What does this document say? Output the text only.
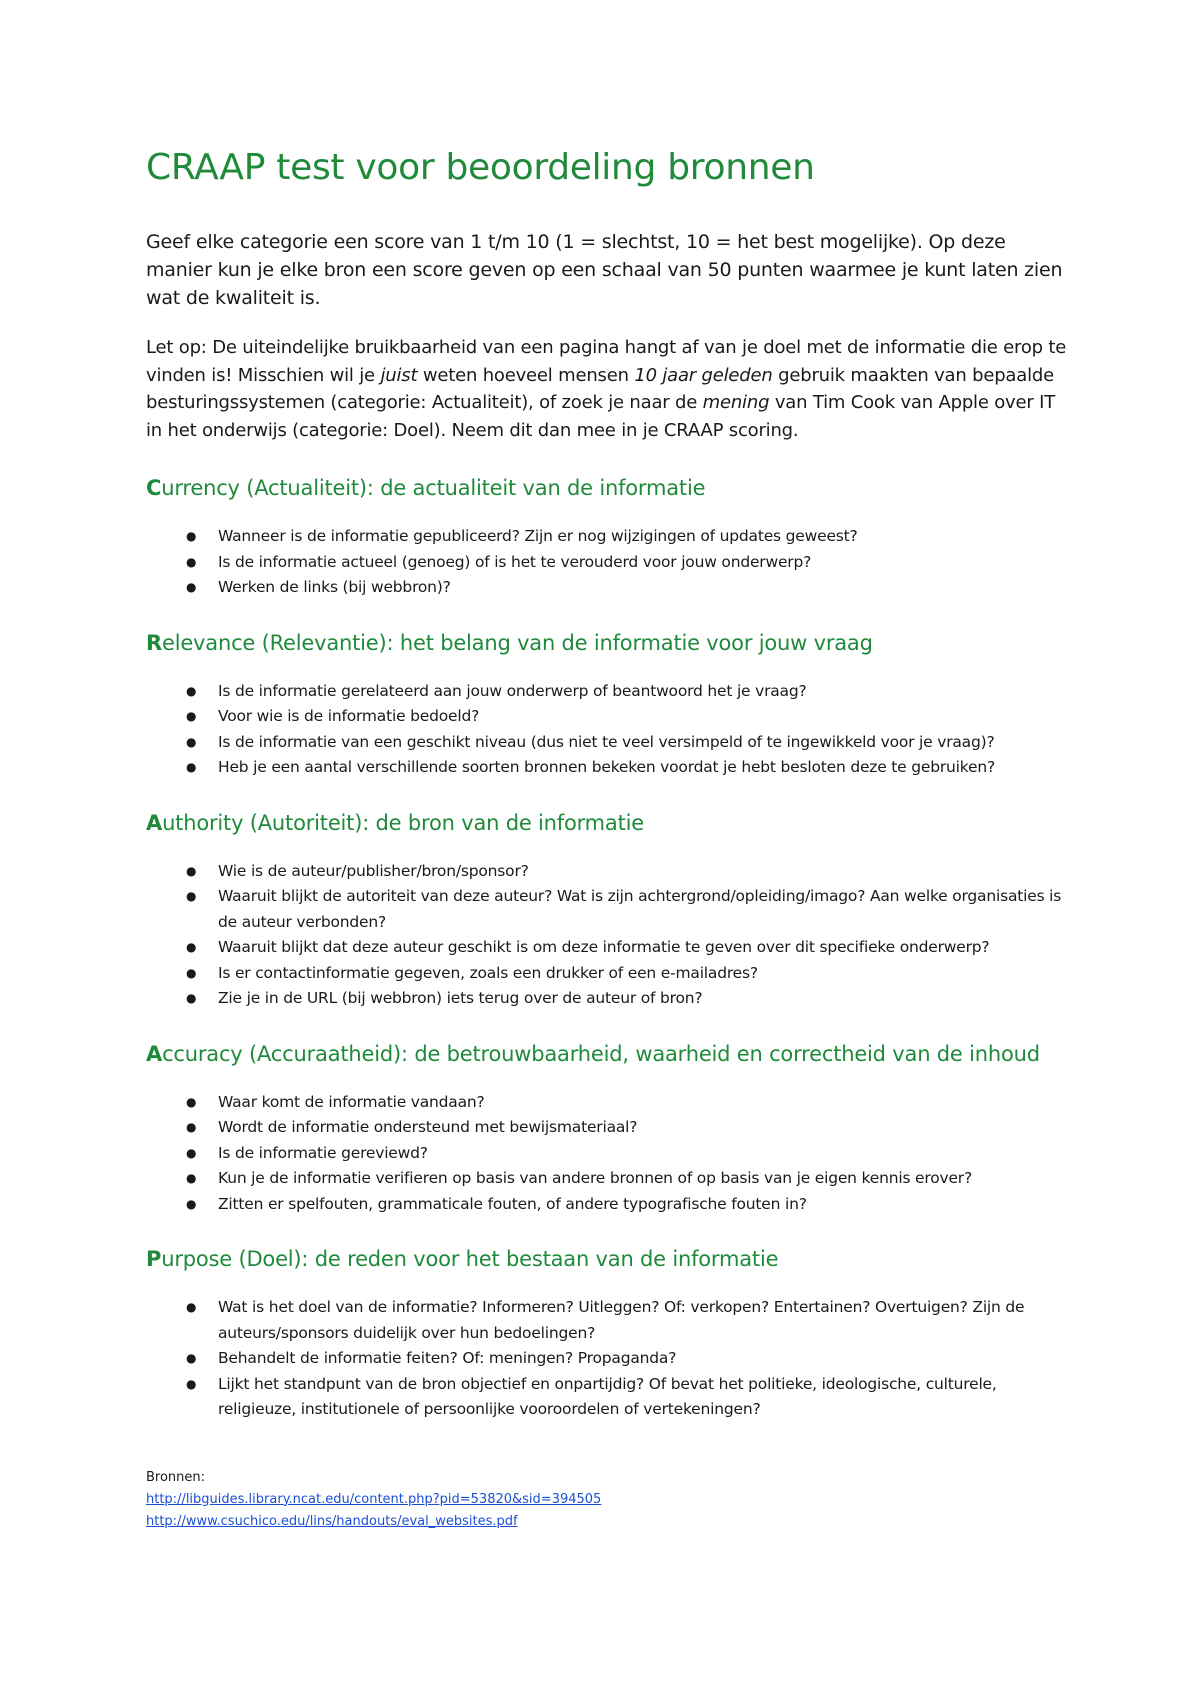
CRAAP test voor beoordeling bronnen

Geef elke categorie een score van 1 t/m 10 (1 = slechtst, 10 = het best mogelijke). Op deze manier kun je elke bron een score geven op een schaal van 50 punten waarmee je kunt laten zien wat de kwaliteit is.

Let op: De uiteindelijke bruikbaarheid van een pagina hangt af van je doel met de informatie die erop te vinden is! Misschien wil je juist weten hoeveel mensen 10 jaar geleden gebruik maakten van bepaalde besturingssystemen (categorie: Actualiteit), of zoek je naar de mening van Tim Cook van Apple over IT in het onderwijs (categorie: Doel). Neem dit dan mee in je CRAAP scoring.

Currency (Actualiteit): de actualiteit van de informatie
● Wanneer is de informatie gepubliceerd? Zijn er nog wijzigingen of updates geweest?
● Is de informatie actueel (genoeg) of is het te verouderd voor jouw onderwerp?
● Werken de links (bij webbron)?
Relevance (Relevantie): het belang van de informatie voor jouw vraag
● Is de informatie gerelateerd aan jouw onderwerp of beantwoord het je vraag?
● Voor wie is de informatie bedoeld?
● Is de informatie van een geschikt niveau (dus niet te veel versimpeld of te ingewikkeld voor je vraag)?
● Heb je een aantal verschillende soorten bronnen bekeken voordat je hebt besloten deze te gebruiken?
Authority (Autoriteit): de bron van de informatie
● Wie is de auteur/publisher/bron/sponsor?
● Waaruit blijkt de autoriteit van deze auteur? Wat is zijn achtergrond/opleiding/imago? Aan welke organisaties is de auteur verbonden?
● Waaruit blijkt dat deze auteur geschikt is om deze informatie te geven over dit specifieke onderwerp?
● Is er contactinformatie gegeven, zoals een drukker of een e-mailadres?
● Zie je in de URL (bij webbron) iets terug over de auteur of bron?
Accuracy (Accuraatheid): de betrouwbaarheid, waarheid en correctheid van de inhoud
● Waar komt de informatie vandaan?
● Wordt de informatie ondersteund met bewijsmateriaal?
● Is de informatie gereviewd?
● Kun je de informatie verifieren op basis van andere bronnen of op basis van je eigen kennis erover?
● Zitten er spelfouten, grammaticale fouten, of andere typografische fouten in?
Purpose (Doel): de reden voor het bestaan van de informatie
● Wat is het doel van de informatie? Informeren? Uitleggen? Of: verkopen? Entertainen? Overtuigen? Zijn de auteurs/sponsors duidelijk over hun bedoelingen?
● Behandelt de informatie feiten? Of: meningen? Propaganda?
● Lijkt het standpunt van de bron objectief en onpartijdig? Of bevat het politieke, ideologische, culturele, religieuze, institutionele of persoonlijke vooroordelen of vertekeningen?
Bronnen:
http://libguides.library.ncat.edu/content.php?pid=53820&sid=394505
http://www.csuchico.edu/lins/handouts/eval_websites.pdf
